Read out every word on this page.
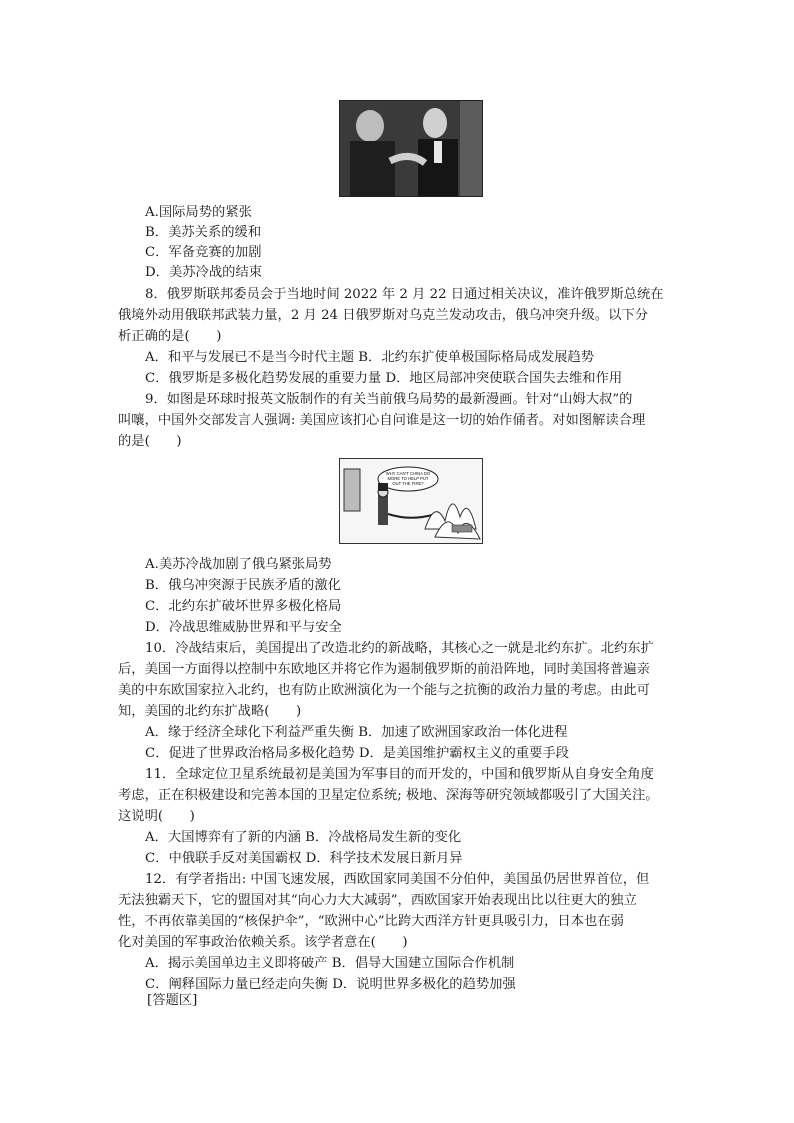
A.国际局势的紧张
B．美苏关系的缓和
C．军备竞赛的加剧
D．美苏冷战的结束
8．俄罗斯联邦委员会于当地时间 2022 年 2 月 22 日通过相关决议，准许俄罗斯总统在
俄境外动用俄联邦武装力量，2 月 24 日俄罗斯对乌克兰发动攻击，俄乌冲突升级。以下分
析正确的是(　　)
A．和平与发展已不是当今时代主题 B．北约东扩使单极国际格局成发展趋势
C．俄罗斯是多极化趋势发展的重要力量 D．地区局部冲突使联合国失去维和作用
9．如图是环球时报英文版制作的有关当前俄乌局势的最新漫画。针对“山姆大叔”的
叫嚷，中国外交部发言人强调: 美国应该扪心自问谁是这一切的始作俑者。对如图解读合理
的是(　　)
WHY CAN'T CHINA DO
MORE TO HELP PUT
OUT THE FIRE?
A.美苏冷战加剧了俄乌紧张局势
B．俄乌冲突源于民族矛盾的激化
C．北约东扩破坏世界多极化格局
D．冷战思维威胁世界和平与安全
10．冷战结束后，美国提出了改造北约的新战略，其核心之一就是北约东扩。北约东扩
后，美国一方面得以控制中东欧地区并将它作为遏制俄罗斯的前沿阵地，同时美国将普遍亲
美的中东欧国家拉入北约，也有防止欧洲演化为一个能与之抗衡的政治力量的考虑。由此可
知，美国的北约东扩战略(　　)
A．缘于经济全球化下利益严重失衡 B．加速了欧洲国家政治一体化进程
C．促进了世界政治格局多极化趋势 D．是美国维护霸权主义的重要手段
11．全球定位卫星系统最初是美国为军事目的而开发的，中国和俄罗斯从自身安全角度
考虑，正在积极建设和完善本国的卫星定位系统; 极地、深海等研究领域都吸引了大国关注。
这说明(　　)
A．大国博弈有了新的内涵 B．冷战格局发生新的变化
C．中俄联手反对美国霸权 D．科学技术发展日新月异
12．有学者指出: 中国飞速发展，西欧国家同美国不分伯仲，美国虽仍居世界首位，但
无法独霸天下，它的盟国对其“向心力大大减弱”，西欧国家开始表现出比以往更大的独立
性，不再依靠美国的“核保护伞”，“欧洲中心”比跨大西洋方针更具吸引力，日本也在弱
化对美国的军事政治依赖关系。该学者意在(　　)
A．揭示美国单边主义即将破产 B．倡导大国建立国际合作机制
C．阐释国际力量已经走向失衡 D．说明世界多极化的趋势加强
[答题区]
